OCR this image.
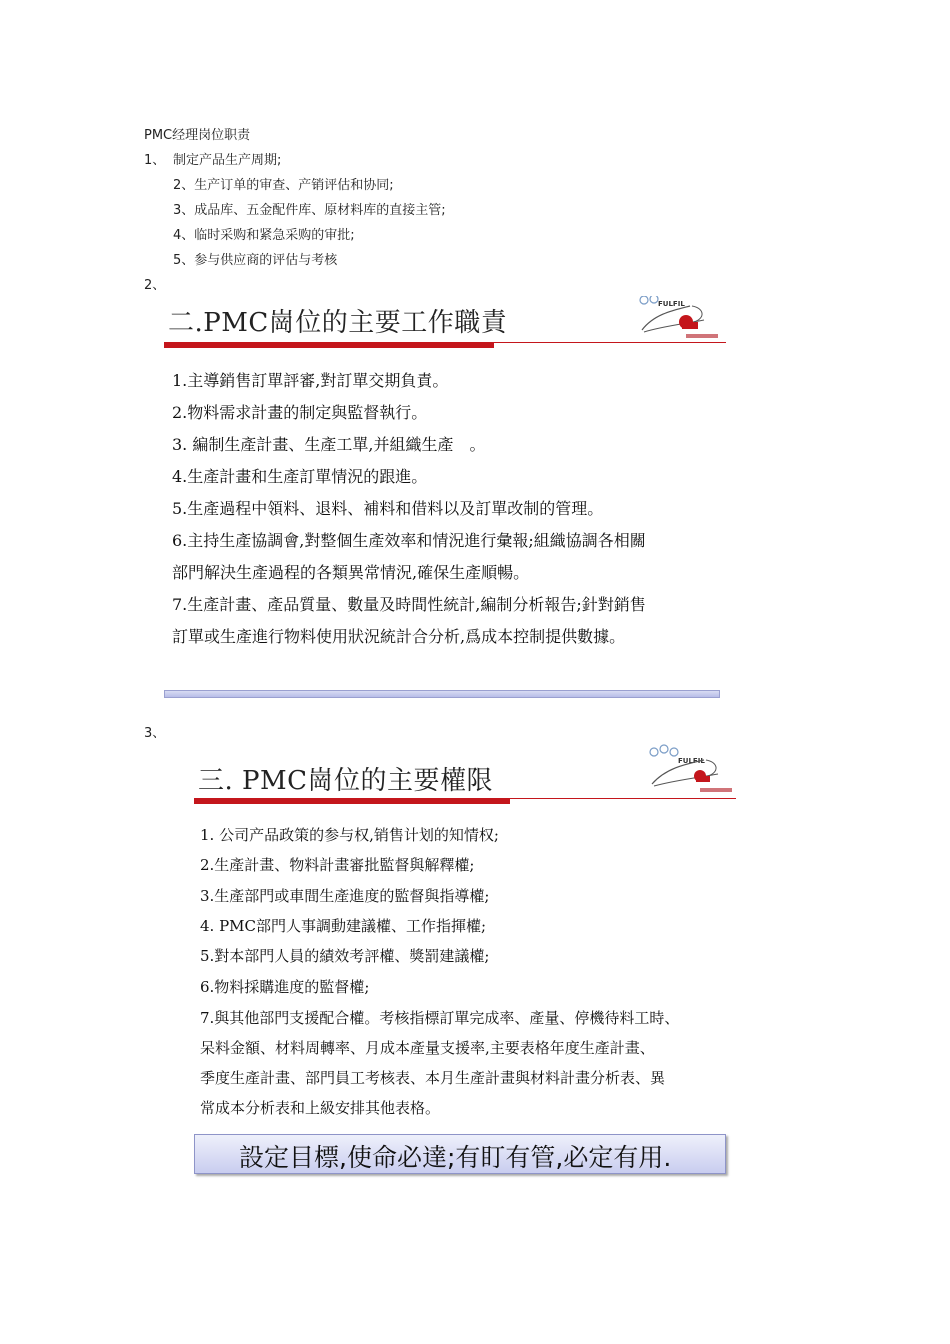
PMC经理岗位职责
1、 制定产品生产周期;
2、生产订单的审查、产销评估和协同;
3、成品库、五金配件库、原材料库的直接主管;
4、临时采购和紧急采购的审批;
5、参与供应商的评估与考核
2、
二.PMC崗位的主要工作職責
FULFIL
1.主導銷售訂單評審,對訂單交期負責。
2.物料需求計畫的制定與監督執行。
3. 編制生產計畫、生產工單,并組織生產　。
4.生產計畫和生產訂單情況的跟進。
5.生產過程中領料、退料、補料和借料以及訂單改制的管理。
6.主持生產協調會,對整個生產效率和情況進行彙報;組織協調各相關
部門解決生產過程的各類異常情況,確保生產順暢。
7.生產計畫、產品質量、數量及時間性統計,編制分析報告;針對銷售
訂單或生產進行物料使用狀況統計合分析,爲成本控制提供數據。
3、
三. PMC崗位的主要權限
FULFIL
1. 公司产品政策的参与权,销售计划的知情权;
2.生產計畫、物料計畫審批監督與解釋權;
3.生產部門或車間生產進度的監督與指導權;
4. PMC部門人事調動建議權、工作指揮權;
5.對本部門人員的績效考評權、獎罰建議權;
6.物料採購進度的監督權;
7.與其他部門支援配合權。考核指標訂單完成率、產量、停機待料工時、
呆料金額、材料周轉率、月成本產量支援率,主要表格年度生產計畫、
季度生產計畫、部門員工考核表、本月生產計畫與材料計畫分析表、異
常成本分析表和上級安排其他表格。
設定目標,使命必達;有盯有管,必定有用.
